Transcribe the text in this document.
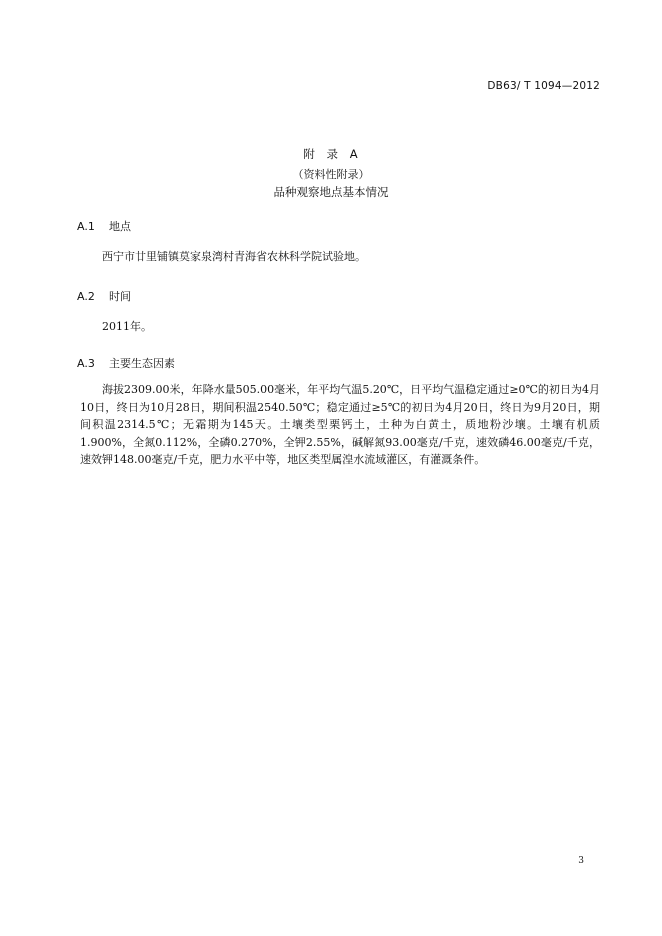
DB63/ T 1094—2012
附 录 A
（资料性附录）
品种观察地点基本情况
A.1 地点
西宁市廿里铺镇莫家泉湾村青海省农林科学院试验地。
A.2 时间
2011年。
A.3 主要生态因素
海拔2309.00米，年降水量505.00毫米，年平均气温5.20℃，日平均气温稳定通过≥0℃的初日为4月10日，终日为10月28日，期间积温2540.50℃；稳定通过≥5℃的初日为4月20日，终日为9月20日，期间积温2314.5℃；无霜期为145天。土壤类型栗钙土，土种为白黄土，质地粉沙壤。土壤有机质1.900%，全氮0.112%，全磷0.270%，全钾2.55%，碱解氮93.00毫克/千克，速效磷46.00毫克/千克，速效钾148.00毫克/千克，肥力水平中等，地区类型属湟水流域灌区，有灌溉条件。
3
